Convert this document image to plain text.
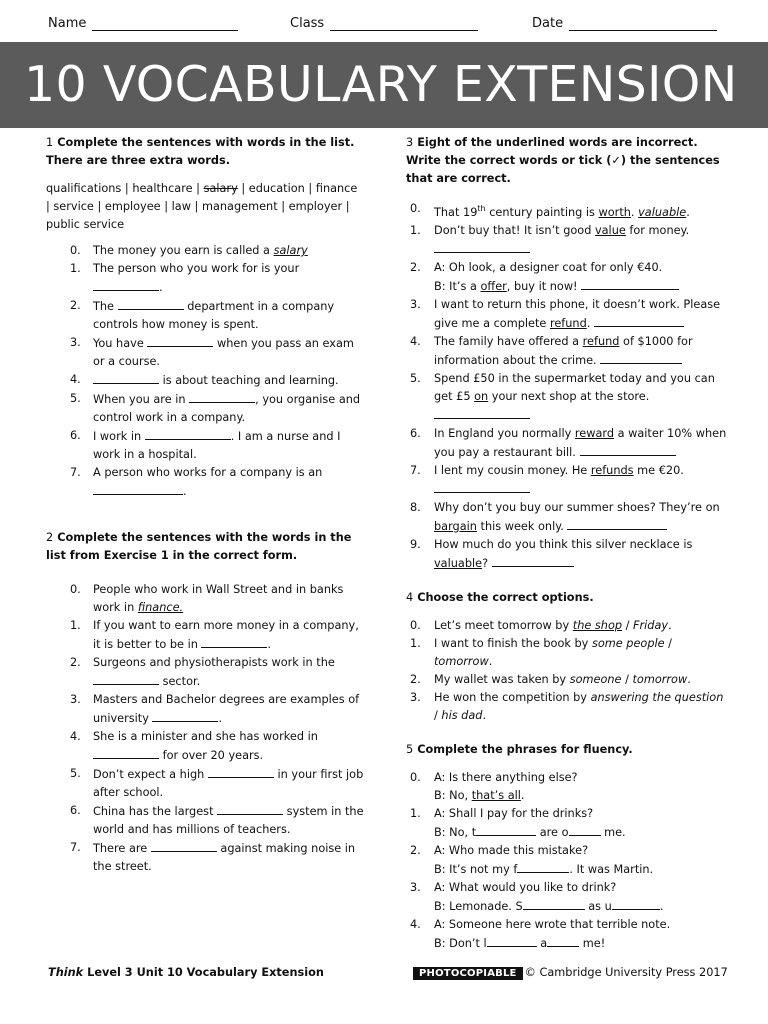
Name	Class	Date
10 VOCABULARY EXTENSION

1 Complete the sentences with words in the list. There are three extra words.

qualifications | healthcare | salary | education | finance | service | employee | law | management | employer | public service
0. The money you earn is called a salary
1. The person who you work for is your .
2. The	department in a company controls how money is spent.
3. You have	when you pass an exam or a course.
4.	is about teaching and learning.
5. When you are in	, you organise and control work in a company.
6. I work in	. I am a nurse and I work in a hospital.
7. A person who works for a company is an .

2 Complete the sentences with the words in the list from Exercise 1 in the correct form.

0. People who work in Wall Street and in banks work in finance.
1. If you want to earn more money in a company, it is better to be in	.
2. Surgeons and physiotherapists work in the  sector.
3. Masters and Bachelor degrees are examples of university	.
4. She is a minister and she has worked in  for over 20 years.
5. Don’t expect a high	in your first job after school.
6. China has the largest	system in the world and has millions of teachers.
7. There are	against making noise in the street.

3 Eight of the underlined words are incorrect. Write the correct words or tick (✓) the sentences that are correct.

0. That 19th century painting is worth. valuable.
1. Don’t buy that! It isn’t good value for money.

2. A: Oh look, a designer coat for only €40.
B: It’s a offer, buy it now!
3. I want to return this phone, it doesn’t work. Please give me a complete refund.
4. The family have offered a refund of $1000 for information about the crime.
5. Spend £50 in the supermarket today and you can get £5 on your next shop at the store.

6. In England you normally reward a waiter 10% when you pay a restaurant bill.
7. I lent my cousin money. He refunds me €20.

8. Why don’t you buy our summer shoes? They’re on bargain this week only.
9. How much do you think this silver necklace is valuable?

4 Choose the correct options.

0. Let’s meet tomorrow by the shop / Friday.
1. I want to finish the book by some people / tomorrow.
2. My wallet was taken by someone / tomorrow.
3. He won the competition by answering the question / his dad.

5 Complete the phrases for fluency.

0. A: Is there anything else?
B: No, that’s all.
1. A: Shall I pay for the drinks?
B: No, t	are o	me.
2. A: Who made this mistake?
B: It’s not my f	. It was Martin.
3. A: What would you like to drink?
B: Lemonade. S	as u	.
4. A: Someone here wrote that terrible note.
B: Don’t l	a	me!
Think Level 3 Unit 10 Vocabulary Extension	PHOTOCOPIABLE © Cambridge University Press 2017
